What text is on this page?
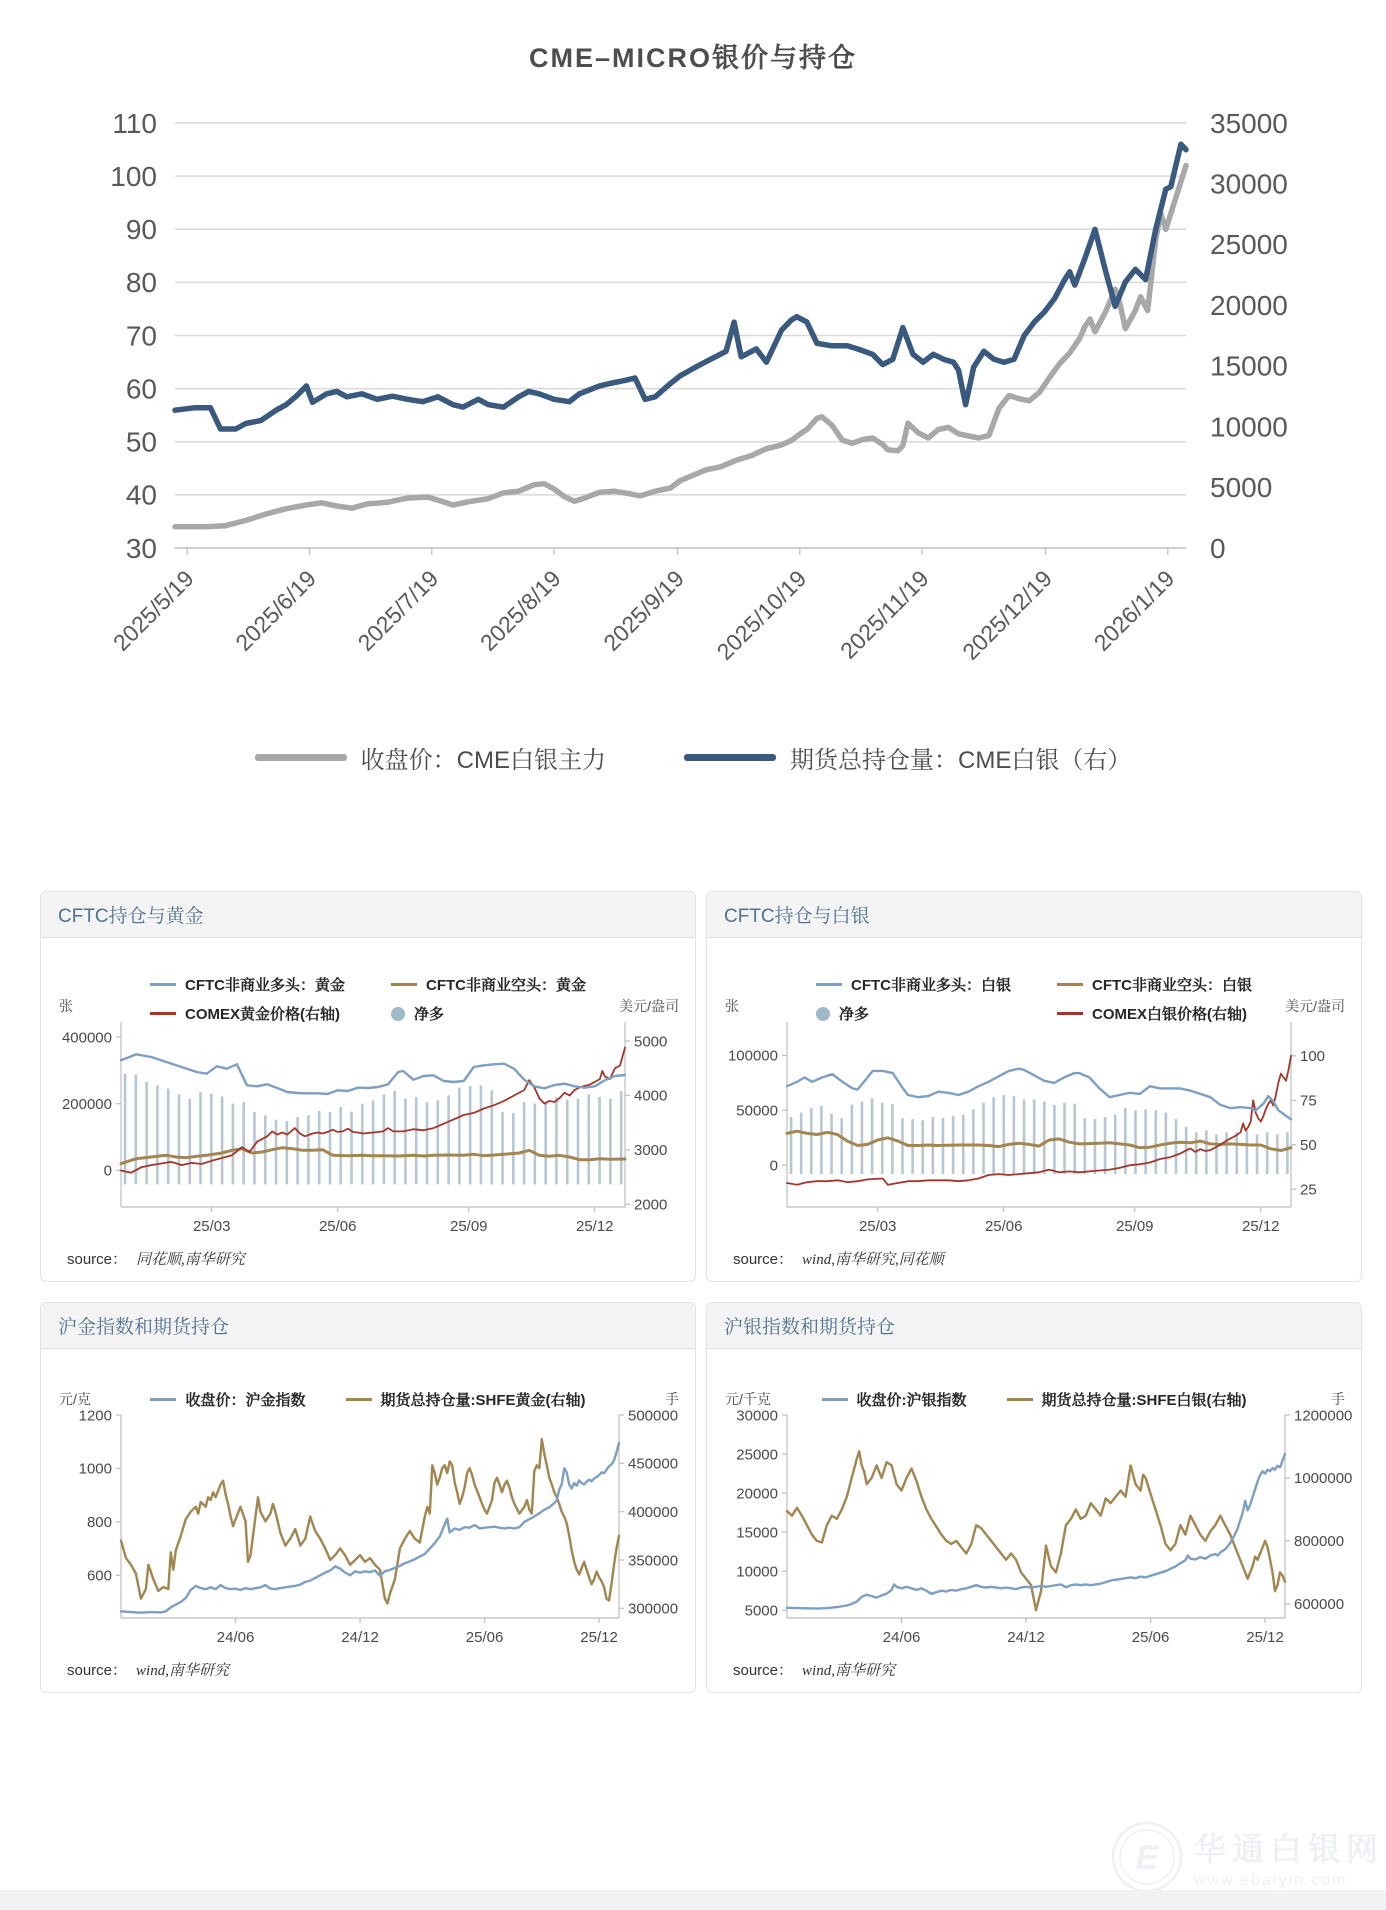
CME–MICRO银价与持仓
110
100
90
80
70
60
50
40
30
35000
30000
25000
20000
15000
10000
5000
0
2025/5/19 2025/6/19 2025/7/19 2025/8/19 2025/9/19 2025/10/19 2025/11/19 2025/12/19 2026/1/19
收盘价：CME白银主力	期货总持仓量：CME白银（右）
CFTC持仓与黄金
CFTC非商业多头：黄金	CFTC非商业空头：黄金
COMEX黄金价格(右轴)	净多
张	美元/盎司
400000
200000
0
5000
4000
3000
2000
25/03	25/06	25/09	25/12
source： 同花顺,南华研究
CFTC持仓与白银
CFTC非商业多头：白银	CFTC非商业空头：白银
净多	COMEX白银价格(右轴)
张	美元/盎司
100000
50000
0
100
75
50
25
25/03	25/06	25/09	25/12
source： wind,南华研究,同花顺
沪金指数和期货持仓
收盘价：沪金指数	期货总持仓量:SHFE黄金(右轴)
元/克	手
1200
1000
800
600
500000
450000
400000
350000
300000
24/06	24/12	25/06	25/12
source： wind,南华研究
沪银指数和期货持仓
收盘价:沪银指数	期货总持仓量:SHFE白银(右轴)
元/千克	手
30000
25000
20000
15000
10000
5000
1200000
1000000
800000
600000
24/06	24/12	25/06	25/12
source： wind,南华研究
E 华通白银网
www.ebaiyin.com
